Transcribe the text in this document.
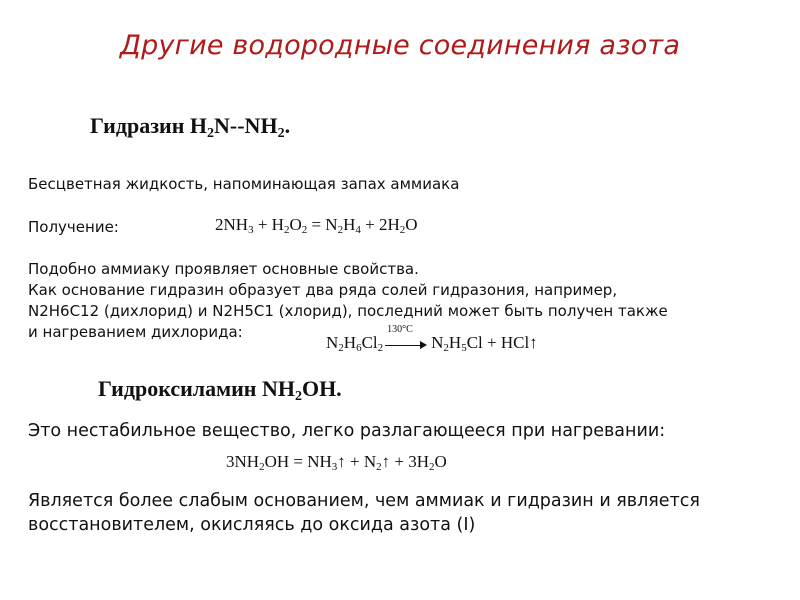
Другие водородные соединения азота
Гидразин $H_2N--NH_2$.
Бесцветная жидкость, напоминающая запах аммиака
Получение:	$2NH_3 + H_2O_2 = N_2H_4 + 2H_2O$
Подобно аммиаку проявляет основные свойства.
Как основание гидразин образует два ряда солей гидразония, например,
N2H6C12 (дихлорид) и N2H5C1 (хлорид), последний может быть получен также
и нагреванием дихлорида:
$N_2H_6Cl_2$
130°C
$N_2H_5Cl$ + HCl↑
Гидроксиламин $NH_2OH$.
Это нестабильное вещество, легко разлагающееся при нагревании:
$3NH_2OH$ = $NH_3↑$ + $N_2↑ + 3H_2O$
Является более слабым основанием, чем аммиак и гидразин и является
восстановителем, окисляясь до оксида азота (I)
